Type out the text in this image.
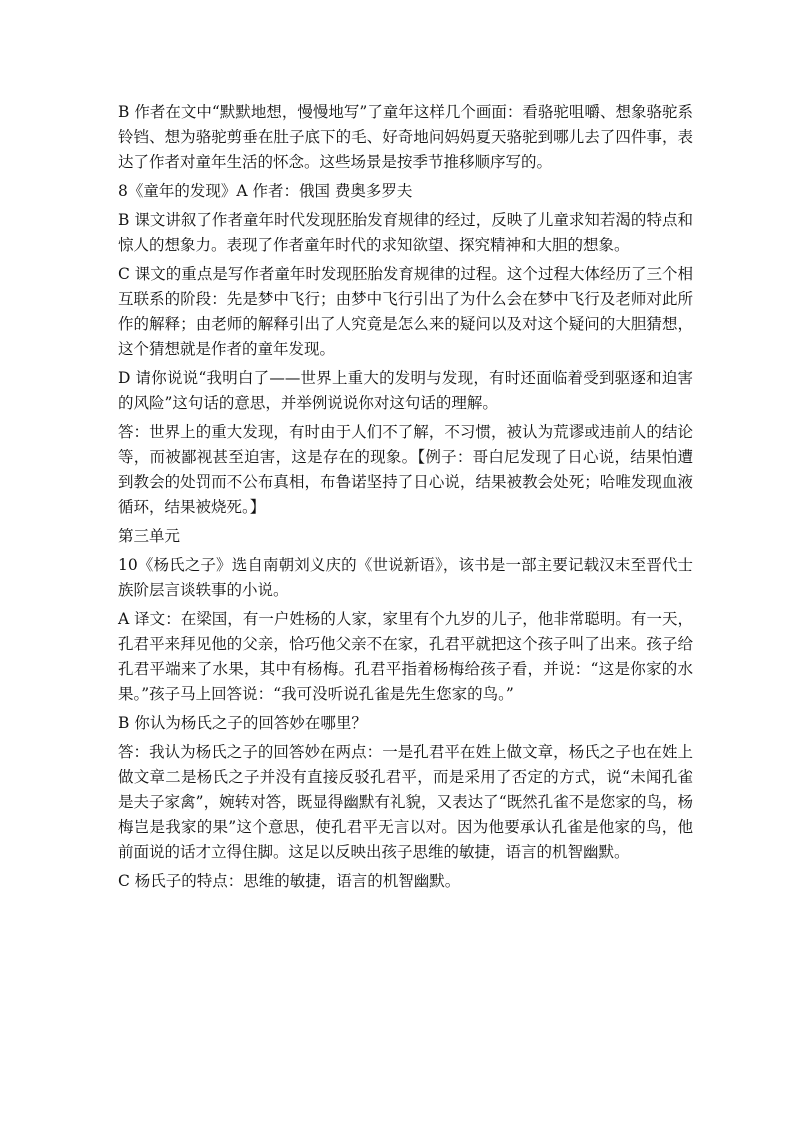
B 作者在文中“默默地想，慢慢地写”了童年这样几个画面：看骆驼咀嚼、想象骆驼系铃铛、想为骆驼剪垂在肚子底下的毛、好奇地问妈妈夏天骆驼到哪儿去了四件事，表达了作者对童年生活的怀念。这些场景是按季节推移顺序写的。

8《童年的发现》A 作者：俄国 费奥多罗夫

B 课文讲叙了作者童年时代发现胚胎发育规律的经过，反映了儿童求知若渴的特点和惊人的想象力。表现了作者童年时代的求知欲望、探究精神和大胆的想象。

C 课文的重点是写作者童年时发现胚胎发育规律的过程。这个过程大体经历了三个相互联系的阶段：先是梦中飞行；由梦中飞行引出了为什么会在梦中飞行及老师对此所作的解释；由老师的解释引出了人究竟是怎么来的疑问以及对这个疑问的大胆猜想，这个猜想就是作者的童年发现。

D 请你说说“我明白了——世界上重大的发明与发现，有时还面临着受到驱逐和迫害的风险”这句话的意思，并举例说说你对这句话的理解。

答：世界上的重大发现，有时由于人们不了解，不习惯，被认为荒谬或违前人的结论等，而被鄙视甚至迫害，这是存在的现象。【例子：哥白尼发现了日心说，结果怕遭到教会的处罚而不公布真相，布鲁诺坚持了日心说，结果被教会处死；哈唯发现血液循环，结果被烧死。】

第三单元

10《杨氏之子》选自南朝刘义庆的《世说新语》，该书是一部主要记载汉末至晋代士族阶层言谈轶事的小说。

A 译文：在梁国，有一户姓杨的人家，家里有个九岁的儿子，他非常聪明。有一天，孔君平来拜见他的父亲，恰巧他父亲不在家，孔君平就把这个孩子叫了出来。孩子给孔君平端来了水果，其中有杨梅。孔君平指着杨梅给孩子看，并说：“这是你家的水果。”孩子马上回答说：“我可没听说孔雀是先生您家的鸟。”

B 你认为杨氏之子的回答妙在哪里？

答：我认为杨氏之子的回答妙在两点：一是孔君平在姓上做文章，杨氏之子也在姓上做文章二是杨氏之子并没有直接反驳孔君平，而是采用了否定的方式，说“未闻孔雀是夫子家禽”，婉转对答，既显得幽默有礼貌，又表达了“既然孔雀不是您家的鸟，杨梅岂是我家的果”这个意思，使孔君平无言以对。因为他要承认孔雀是他家的鸟，他前面说的话才立得住脚。这足以反映出孩子思维的敏捷，语言的机智幽默。

C 杨氏子的特点：思维的敏捷，语言的机智幽默。
